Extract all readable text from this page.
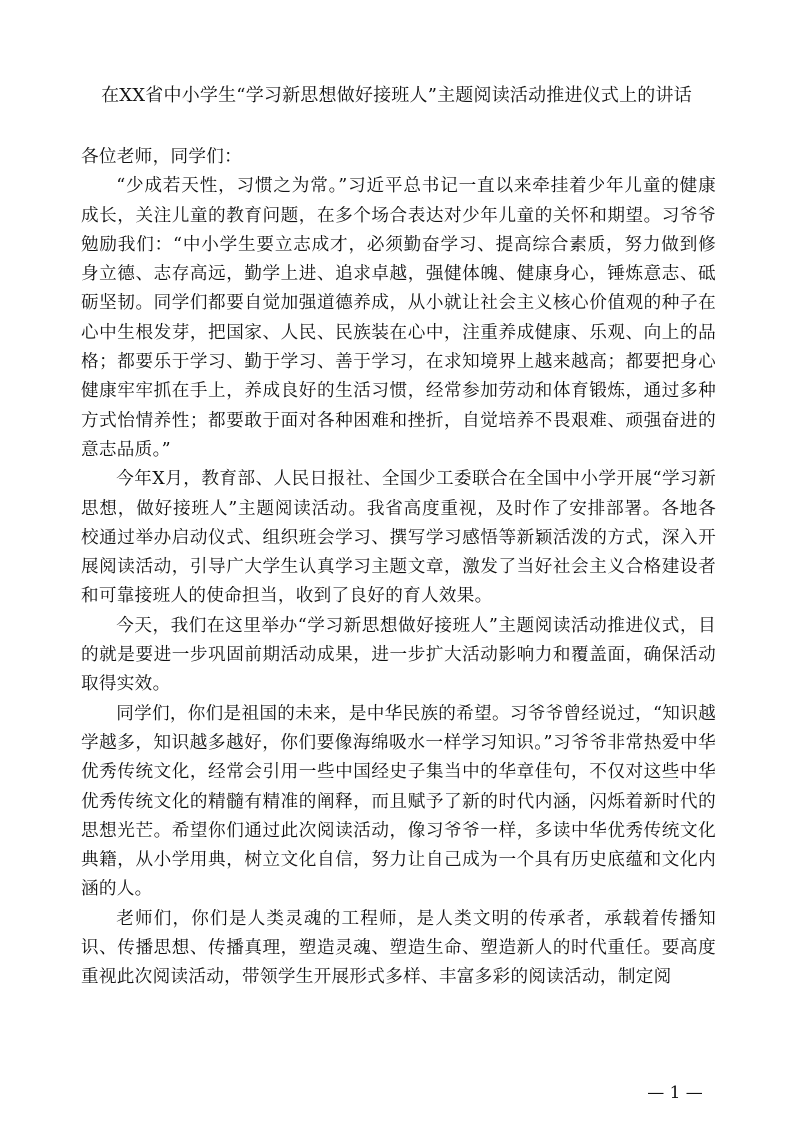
在XX省中小学生“学习新思想做好接班人”主题阅读活动推进仪式上的讲话

各位老师，同学们：

“少成若天性，习惯之为常。”习近平总书记一直以来牵挂着少年儿童的健康成长，关注儿童的教育问题，在多个场合表达对少年儿童的关怀和期望。习爷爷勉励我们：“中小学生要立志成才，必须勤奋学习、提高综合素质，努力做到修身立德、志存高远，勤学上进、追求卓越，强健体魄、健康身心，锤炼意志、砥砺坚韧。同学们都要自觉加强道德养成，从小就让社会主义核心价值观的种子在心中生根发芽，把国家、人民、民族装在心中，注重养成健康、乐观、向上的品格；都要乐于学习、勤于学习、善于学习，在求知境界上越来越高；都要把身心健康牢牢抓在手上，养成良好的生活习惯，经常参加劳动和体育锻炼，通过多种方式怡情养性；都要敢于面对各种困难和挫折，自觉培养不畏艰难、顽强奋进的意志品质。”

今年X月，教育部、人民日报社、全国少工委联合在全国中小学开展“学习新思想，做好接班人”主题阅读活动。我省高度重视，及时作了安排部署。各地各校通过举办启动仪式、组织班会学习、撰写学习感悟等新颖活泼的方式，深入开展阅读活动，引导广大学生认真学习主题文章，激发了当好社会主义合格建设者和可靠接班人的使命担当，收到了良好的育人效果。

今天，我们在这里举办“学习新思想做好接班人”主题阅读活动推进仪式，目的就是要进一步巩固前期活动成果，进一步扩大活动影响力和覆盖面，确保活动取得实效。

同学们，你们是祖国的未来，是中华民族的希望。习爷爷曾经说过，“知识越学越多，知识越多越好，你们要像海绵吸水一样学习知识。”习爷爷非常热爱中华优秀传统文化，经常会引用一些中国经史子集当中的华章佳句，不仅对这些中华优秀传统文化的精髓有精准的阐释，而且赋予了新的时代内涵，闪烁着新时代的思想光芒。希望你们通过此次阅读活动，像习爷爷一样，多读中华优秀传统文化典籍，从小学用典，树立文化自信，努力让自己成为一个具有历史底蕴和文化内涵的人。

老师们，你们是人类灵魂的工程师，是人类文明的传承者，承载着传播知识、传播思想、传播真理，塑造灵魂、塑造生命、塑造新人的时代重任。要高度重视此次阅读活动，带领学生开展形式多样、丰富多彩的阅读活动，制定阅

— 1 —
